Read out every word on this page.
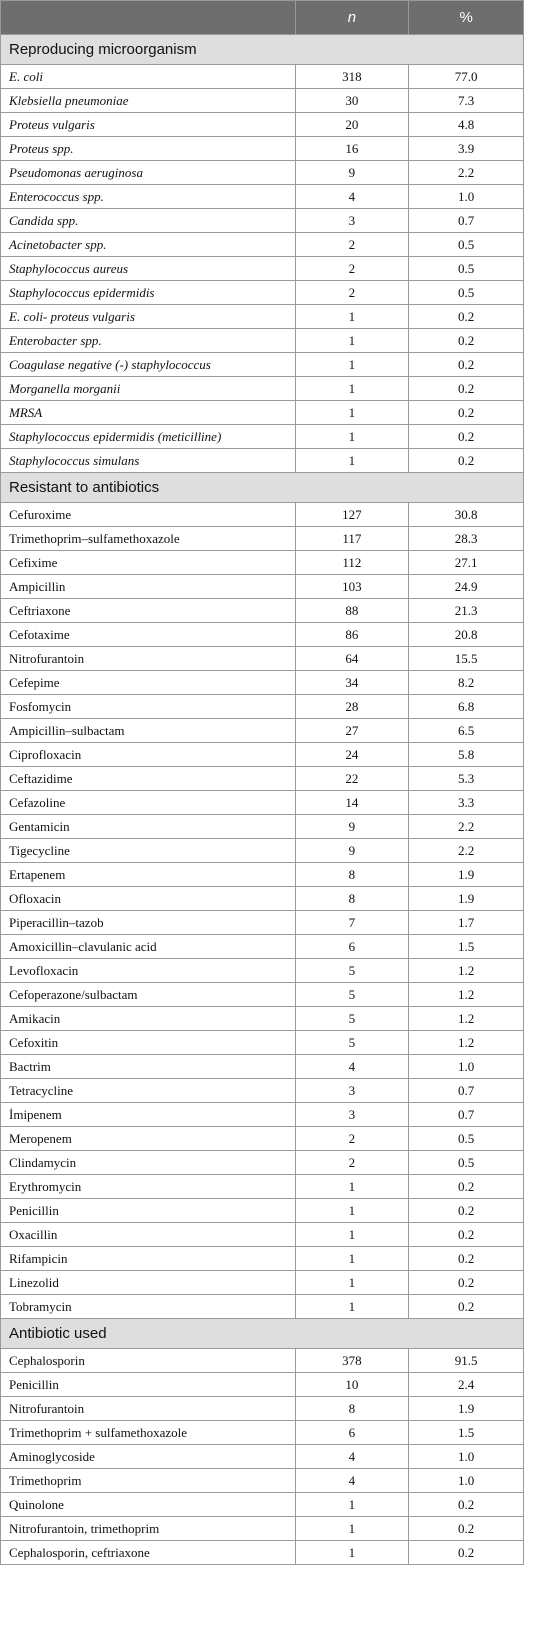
	n	%
Reproducing microorganism		
E. coli	318	77.0
Klebsiella pneumoniae	30	7.3
Proteus vulgaris	20	4.8
Proteus spp.	16	3.9
Pseudomonas aeruginosa	9	2.2
Enterococcus spp.	4	1.0
Candida spp.	3	0.7
Acinetobacter spp.	2	0.5
Staphylococcus aureus	2	0.5
Staphylococcus epidermidis	2	0.5
E. coli- proteus vulgaris	1	0.2
Enterobacter spp.	1	0.2
Coagulase negative (-) staphylococcus	1	0.2
Morganella morganii	1	0.2
MRSA	1	0.2
Staphylococcus epidermidis (meticilline)	1	0.2
Staphylococcus simulans	1	0.2
Resistant to antibiotics		
Cefuroxime	127	30.8
Trimethoprim–sulfamethoxazole	117	28.3
Cefixime	112	27.1
Ampicillin	103	24.9
Ceftriaxone	88	21.3
Cefotaxime	86	20.8
Nitrofurantoin	64	15.5
Cefepime	34	8.2
Fosfomycin	28	6.8
Ampicillin–sulbactam	27	6.5
Ciprofloxacin	24	5.8
Ceftazidime	22	5.3
Cefazoline	14	3.3
Gentamicin	9	2.2
Tigecycline	9	2.2
Ertapenem	8	1.9
Ofloxacin	8	1.9
Piperacillin–tazob	7	1.7
Amoxicillin–clavulanic acid	6	1.5
Levofloxacin	5	1.2
Cefoperazone/sulbactam	5	1.2
Amikacin	5	1.2
Cefoxitin	5	1.2
Bactrim	4	1.0
Tetracycline	3	0.7
İmipenem	3	0.7
Meropenem	2	0.5
Clindamycin	2	0.5
Erythromycin	1	0.2
Penicillin	1	0.2
Oxacillin	1	0.2
Rifampicin	1	0.2
Linezolid	1	0.2
Tobramycin	1	0.2
Antibiotic used		
Cephalosporin	378	91.5
Penicillin	10	2.4
Nitrofurantoin	8	1.9
Trimethoprim + sulfamethoxazole	6	1.5
Aminoglycoside	4	1.0
Trimethoprim	4	1.0
Quinolone	1	0.2
Nitrofurantoin, trimethoprim	1	0.2
Cephalosporin, ceftriaxone	1	0.2
